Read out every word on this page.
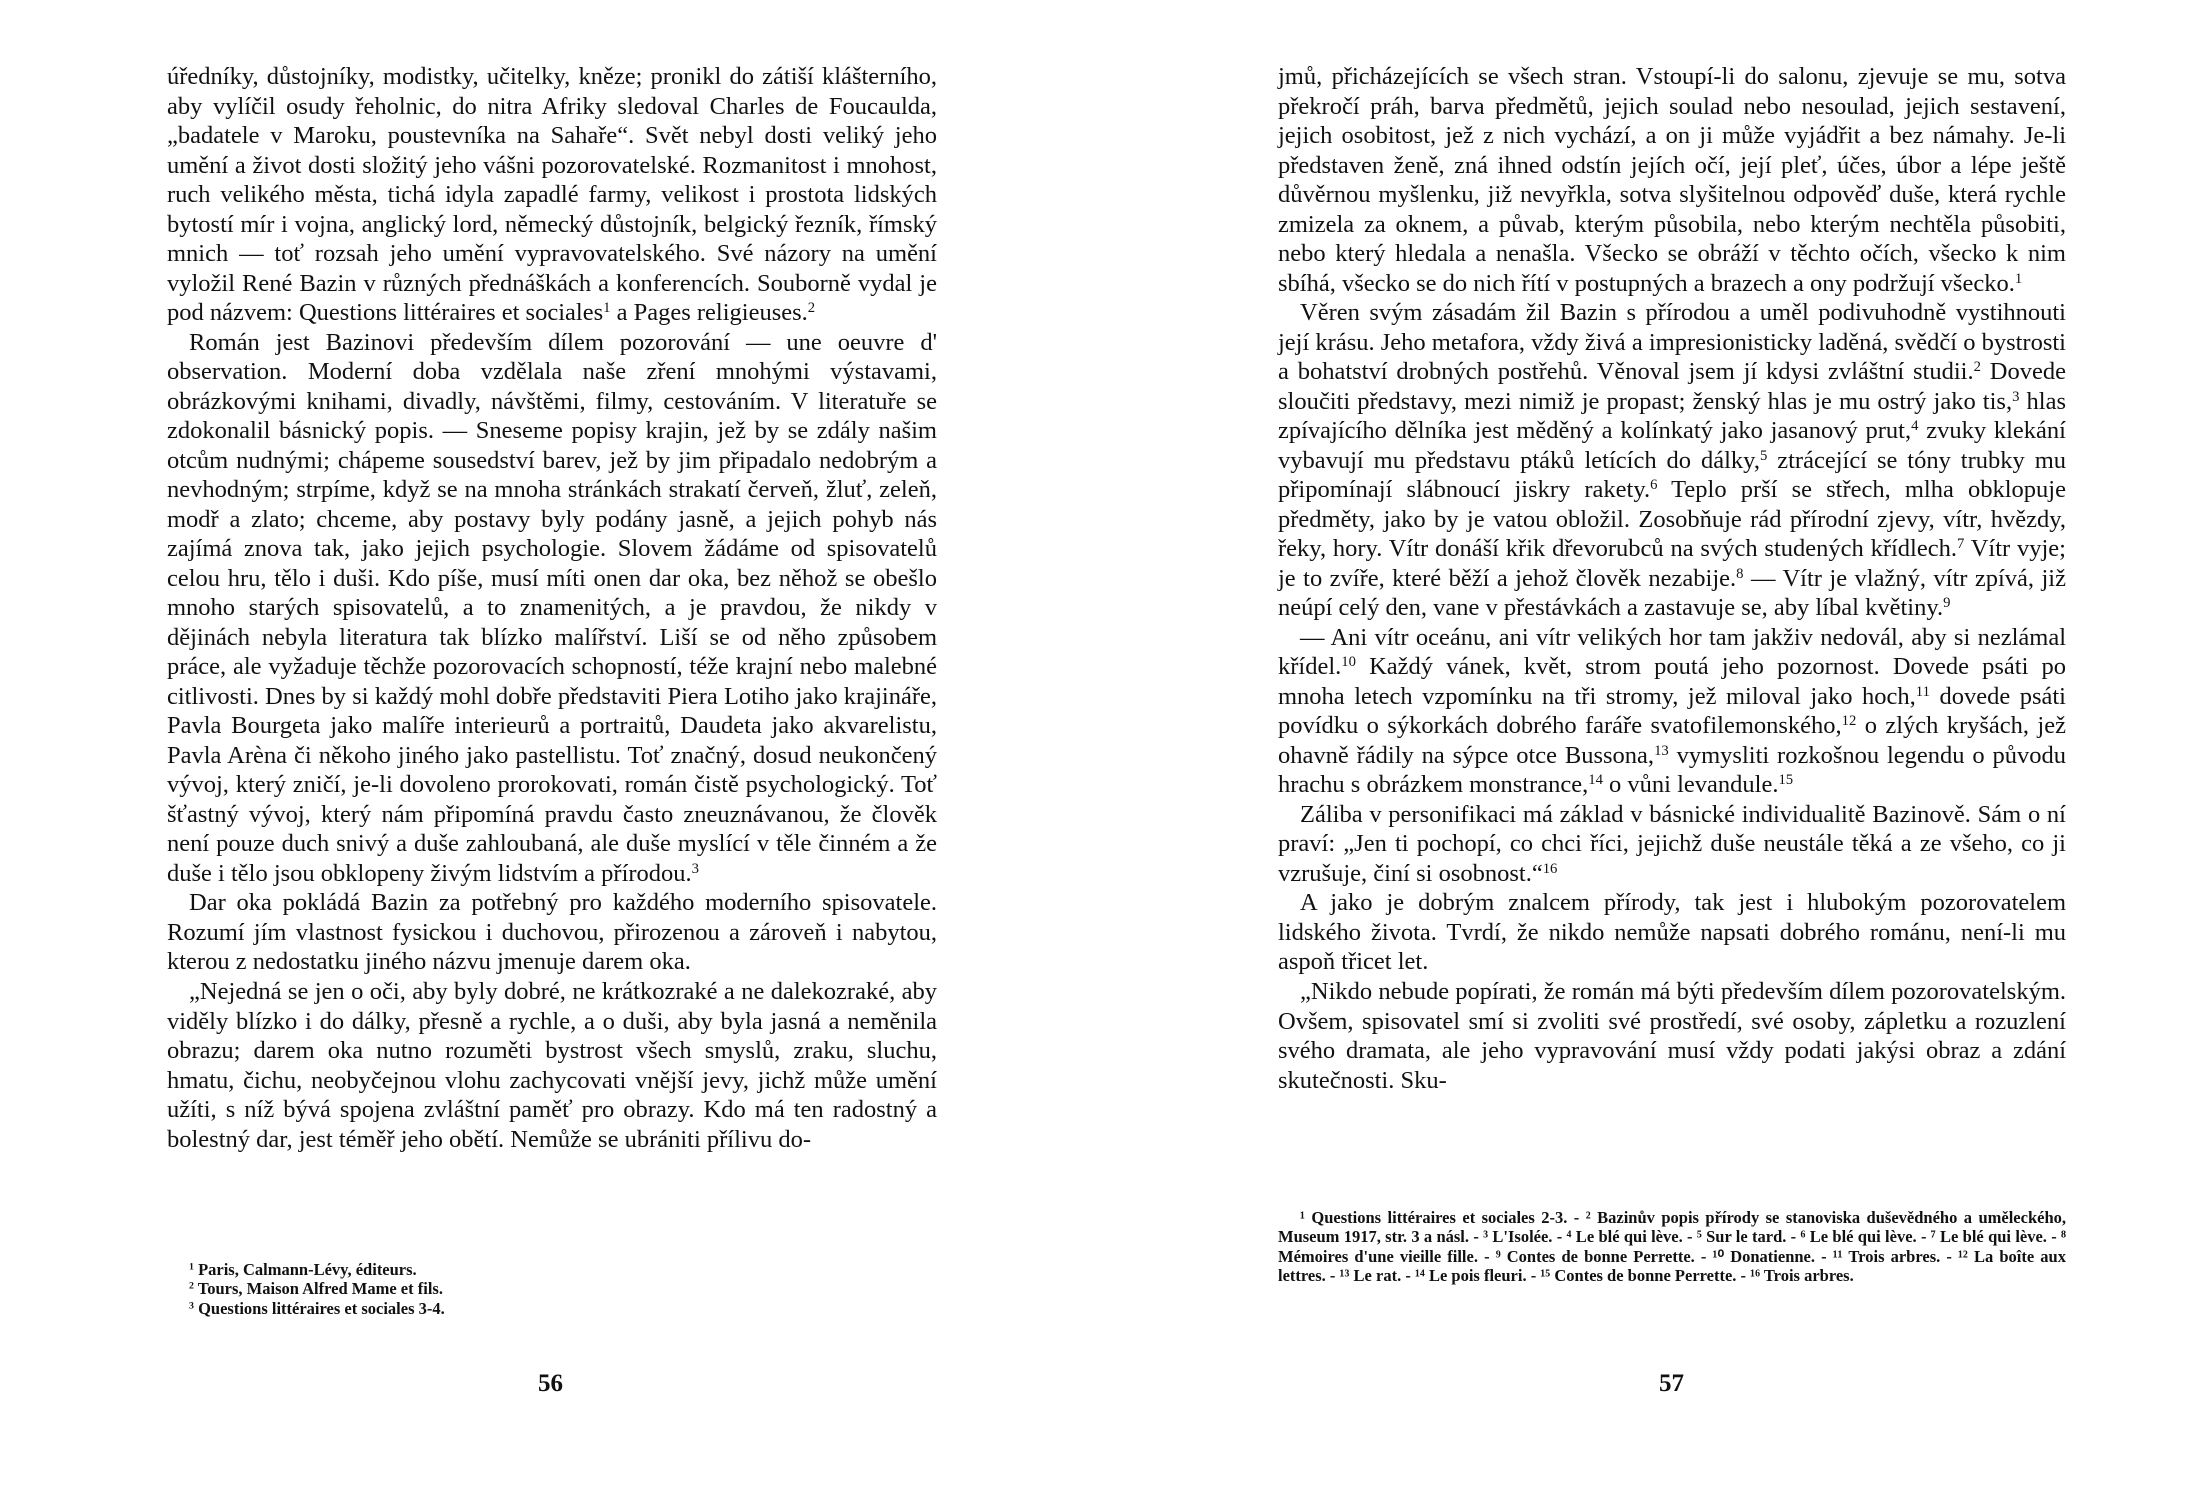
úředníky, důstojníky, modistky, učitelky, kněze; pronikl do zátiší klášterního, aby vylíčil osudy řeholnic, do nitra Afriky sledoval Charles de Foucaulda, „badatele v Maroku, poustevníka na Sahaře“. Svět nebyl dosti veliký jeho umění a život dosti složitý jeho vášni pozorovatelské. Rozmanitost i mnohost, ruch velikého města, tichá idyla zapadlé farmy, velikost i prostota lidských bytostí mír i vojna, anglický lord, německý důstojník, belgický řezník, římský mnich — toť rozsah jeho umění vypravovatelského. Své názory na umění vyložil René Bazin v různých přednáškách a konferencích. Souborně vydal je pod názvem: Questions littéraires et sociales$^1$ a Pages religieuses.$^2$

Román jest Bazinovi především dílem pozorování — une oeuvre d' observation. Moderní doba vzdělala naše zření mnohými výstavami, obrázkovými knihami, divadly, návštěmi, filmy, cestováním. V literatuře se zdokonalil básnický popis. — Sneseme popisy krajin, jež by se zdály našim otcům nudnými; chápeme sousedství barev, jež by jim připadalo nedobrým a nevhodným; strpíme, když se na mnoha stránkách strakatí červeň, žluť, zeleň, modř a zlato; chceme, aby postavy byly podány jasně, a jejich pohyb nás zajímá znova tak, jako jejich psychologie. Slovem žádáme od spisovatelů celou hru, tělo i duši. Kdo píše, musí míti onen dar oka, bez něhož se obešlo mnoho starých spisovatelů, a to znamenitých, a je pravdou, že nikdy v dějinách nebyla literatura tak blízko malířství. Liší se od něho způsobem práce, ale vyžaduje těchže pozorovacích schopností, téže krajní nebo malebné citlivosti. Dnes by si každý mohl dobře představiti Piera Lotiho jako krajináře, Pavla Bourgeta jako malíře interieurů a portraitů, Daudeta jako akvarelistu, Pavla Arèna či někoho jiného jako pastellistu. Toť značný, dosud neukončený vývoj, který zničí, je-li dovoleno prorokovati, román čistě psychologický. Toť šťastný vývoj, který nám připomíná pravdu často zneuznávanou, že člověk není pouze duch snivý a duše zahloubaná, ale duše myslící v těle činném a že duše i tělo jsou obklopeny živým lidstvím a přírodou.$^3$

Dar oka pokládá Bazin za potřebný pro každého moderního spisovatele. Rozumí jím vlastnost fysickou i duchovou, přirozenou a zároveň i nabytou, kterou z nedostatku jiného názvu jmenuje darem oka.

„Nejedná se jen o oči, aby byly dobré, ne krátkozraké a ne dalekozraké, aby viděly blízko i do dálky, přesně a rychle, a o duši, aby byla jasná a neměnila obrazu; darem oka nutno rozuměti bystrost všech smyslů, zraku, sluchu, hmatu, čichu, neobyčejnou vlohu zachycovati vnější jevy, jichž může umění užíti, s níž bývá spojena zvláštní paměť pro obrazy. Kdo má ten radostný a bolestný dar, jest téměř jeho obětí. Nemůže se ubrániti přílivu do-

$^1$ Paris, Calmann-Lévy, éditeurs.

$^2$ Tours, Maison Alfred Mame et fils.

$^3$ Questions littéraires et sociales 3-4.

56

jmů, přicházejících se všech stran. Vstoupí-li do salonu, zjevuje se mu, sotva překročí práh, barva předmětů, jejich soulad nebo nesoulad, jejich sestavení, jejich osobitost, jež z nich vychází, a on ji může vyjádřit a bez námahy. Je-li představen ženě, zná ihned odstín jejích očí, její pleť, účes, úbor a lépe ještě důvěrnou myšlenku, již nevyřkla, sotva slyšitelnou odpověď duše, která rychle zmizela za oknem, a půvab, kterým působila, nebo kterým nechtěla působiti, nebo který hledala a nenašla. Všecko se obráží v těchto očích, všecko k nim sbíhá, všecko se do nich řítí v postupných a brazech a ony podržují všecko.$^1$

Věren svým zásadám žil Bazin s přírodou a uměl podivuhodně vystihnouti její krásu. Jeho metafora, vždy živá a impresionisticky laděná, svědčí o bystrosti a bohatství drobných postřehů. Věnoval jsem jí kdysi zvláštní studii.$^2$ Dovede sloučiti představy, mezi nimiž je propast; ženský hlas je mu ostrý jako tis,$^3$ hlas zpívajícího dělníka jest měděný a kolínkatý jako jasanový prut,$^4$ zvuky klekání vybavují mu představu ptáků letících do dálky,$^5$ ztrácející se tóny trubky mu připomínají slábnoucí jiskry rakety.$^6$ Teplo prší se střech, mlha obklopuje předměty, jako by je vatou obložil. Zosobňuje rád přírodní zjevy, vítr, hvězdy, řeky, hory. Vítr donáší křik dřevorubců na svých studených křídlech.$^7$ Vítr vyje; je to zvíře, které běží a jehož člověk nezabije.$^8$ — Vítr je vlažný, vítr zpívá, již neúpí celý den, vane v přestávkách a zastavuje se, aby líbal květiny.$^9$

— Ani vítr oceánu, ani vítr velikých hor tam jakživ nedovál, aby si nezlámal křídel.$^{10}$ Každý vánek, květ, strom poutá jeho pozornost. Dovede psáti po mnoha letech vzpomínku na tři stromy, jež miloval jako hoch,$^{11}$ dovede psáti povídku o sýkorkách dobrého faráře svatofilemonského,$^{12}$ o zlých kryšách, jež ohavně řádily na sýpce otce Bussona,$^{13}$ vymysliti rozkošnou legendu o původu hrachu s obrázkem monstrance,$^{14}$ o vůni levandule.$^{15}$

Záliba v personifikaci má základ v básnické individualitě Bazinově. Sám o ní praví: „Jen ti pochopí, co chci říci, jejichž duše neustále těká a ze všeho, co ji vzrušuje, činí si osobnost.“$^{16}$

A jako je dobrým znalcem přírody, tak jest i hlubokým pozorovatelem lidského života. Tvrdí, že nikdo nemůže napsati dobrého románu, není-li mu aspoň třicet let.

„Nikdo nebude popírati, že román má býti především dílem pozorovatelským. Ovšem, spisovatel smí si zvoliti své prostředí, své osoby, zápletku a rozuzlení svého dramata, ale jeho vypravování musí vždy podati jakýsi obraz a zdání skutečnosti. Sku-

¹ Questions littéraires et sociales 2-3. - ² Bazinův popis přírody se stanoviska duševědného a uměleckého, Museum 1917, str. 3 a násl. - ³ L'Isolée. - ⁴ Le blé qui lève. - ⁵ Sur le tard. - ⁶ Le blé qui lève. - ⁷ Le blé qui lève. - ⁸ Mémoires d'une vieille fille. - ⁹ Contes de bonne Perrette. - ¹⁰ Donatienne. - ¹¹ Trois arbres. - ¹² La boîte aux lettres. - ¹³ Le rat. - ¹⁴ Le pois fleuri. - ¹⁵ Contes de bonne Perrette. - ¹⁶ Trois arbres.

57
